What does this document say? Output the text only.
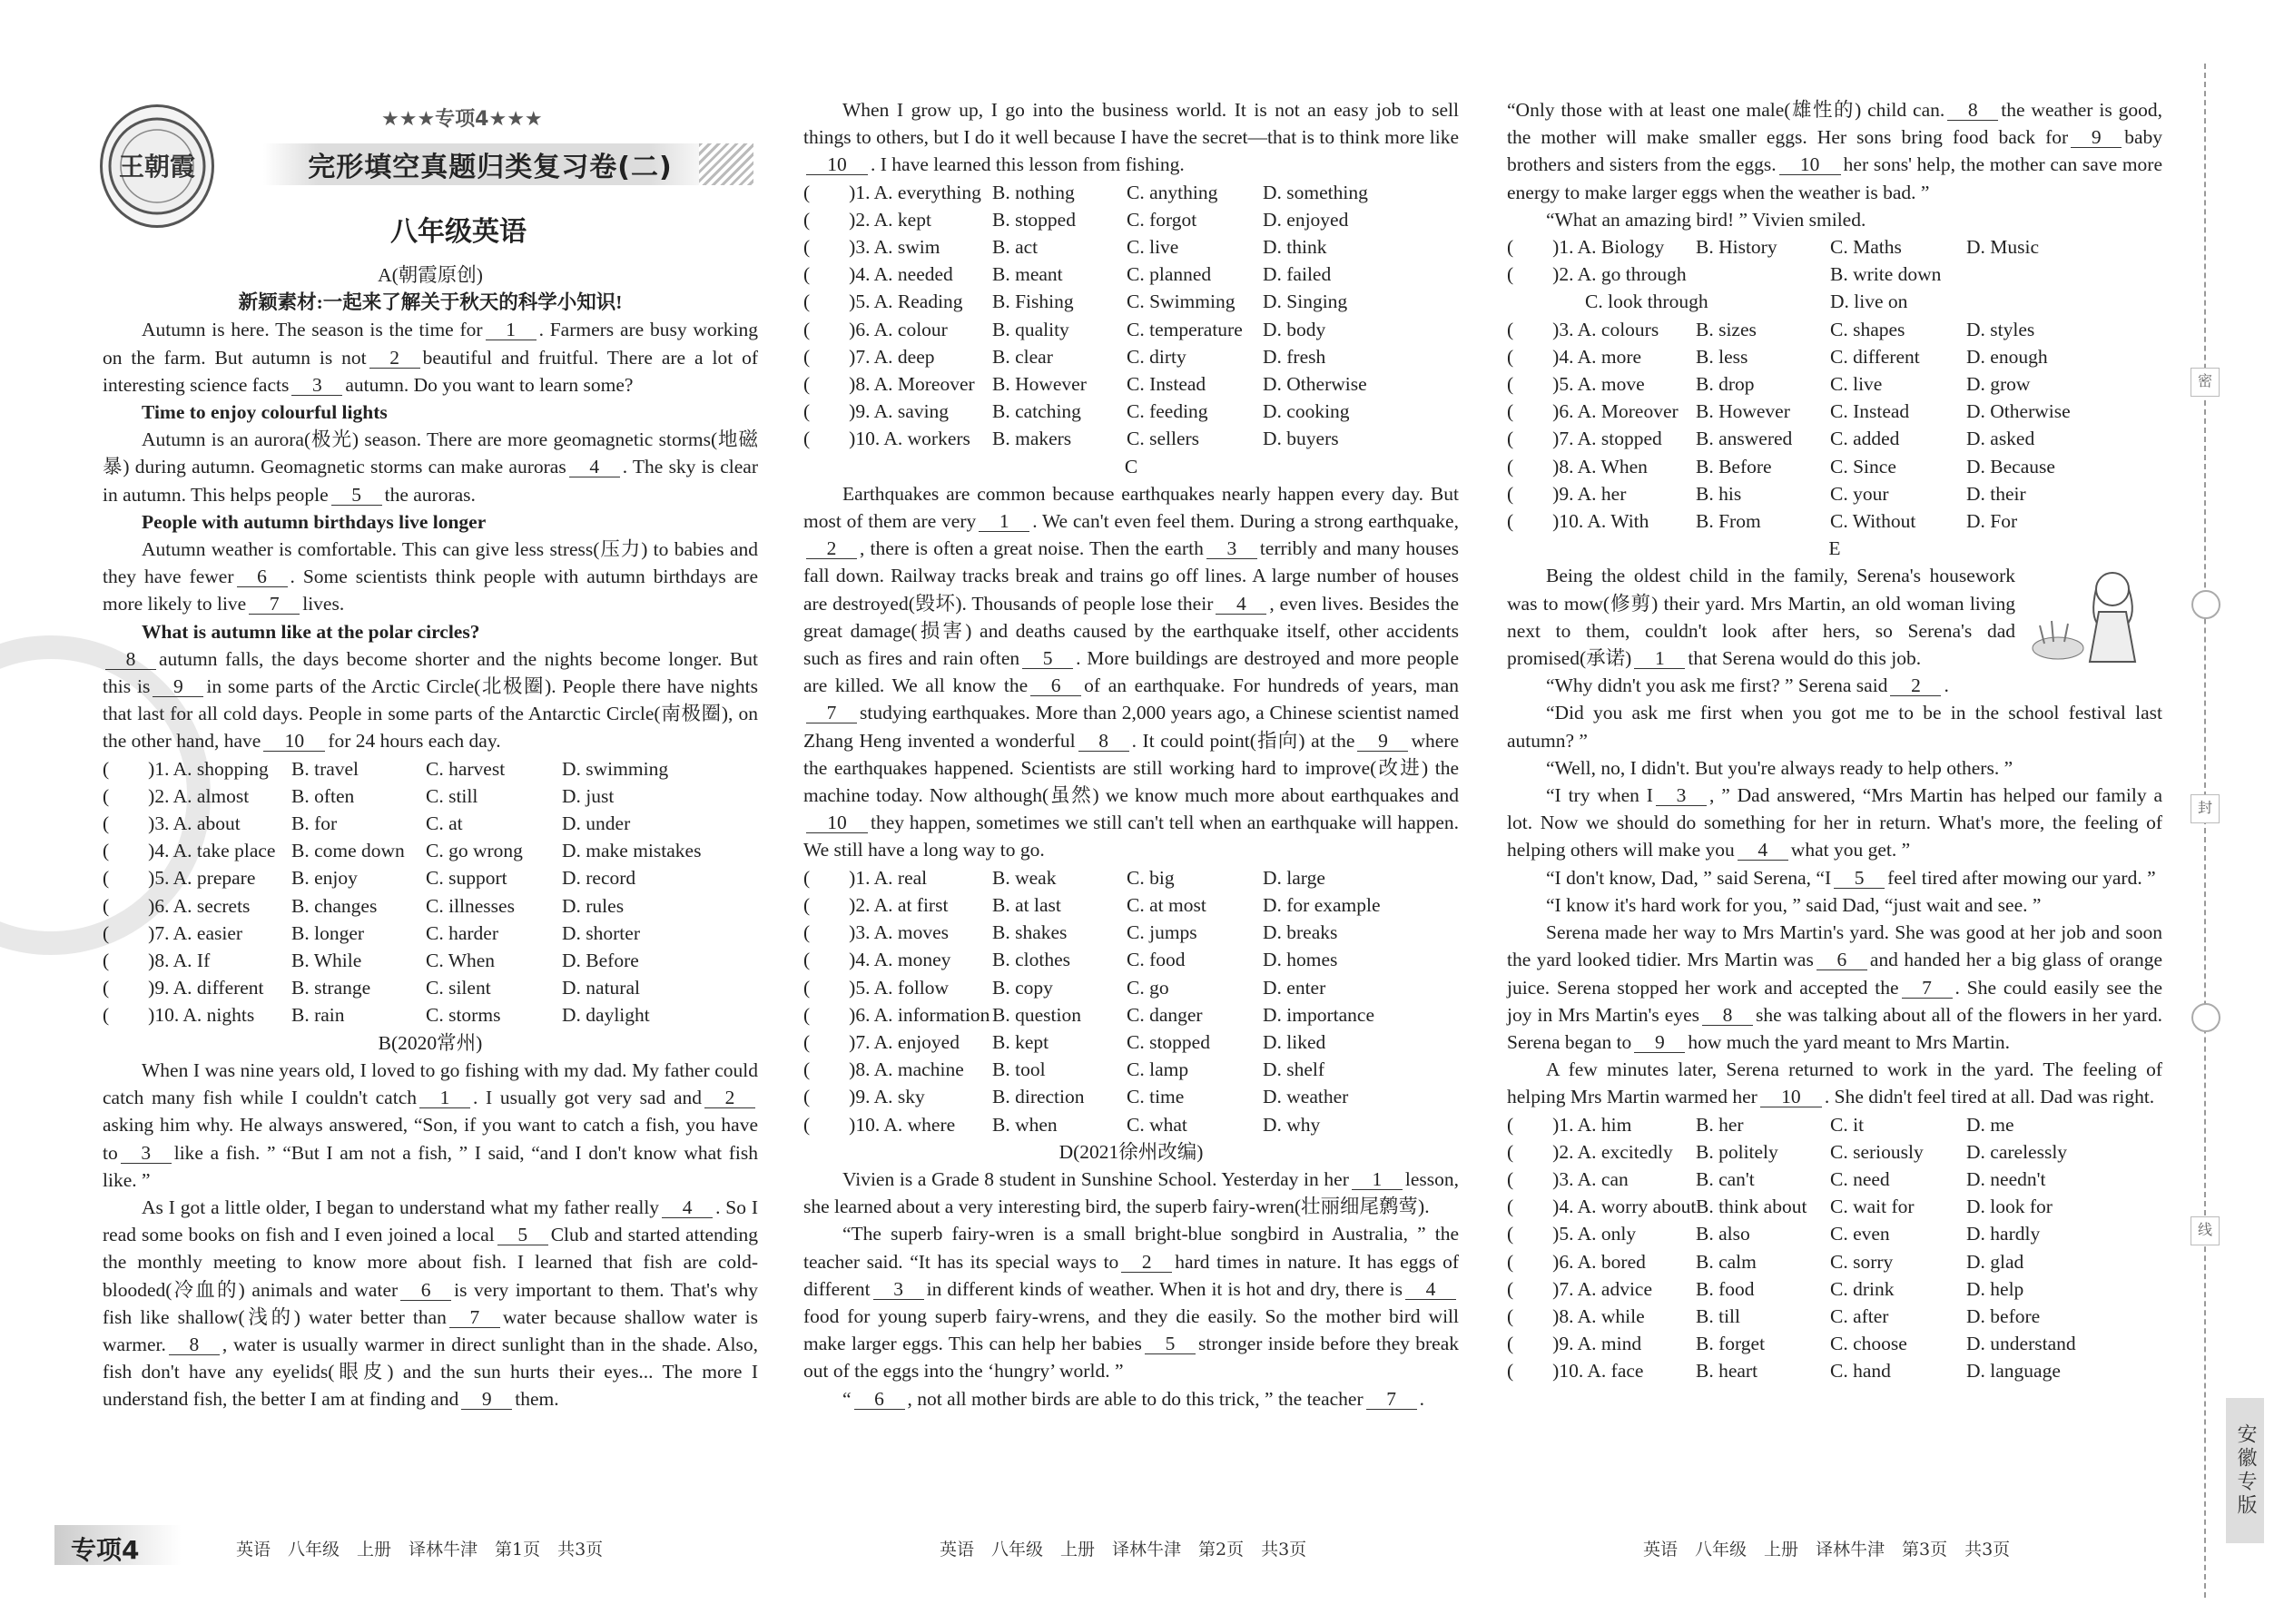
王朝霞
★★★专项4★★★
完形填空真题归类复习卷(二)
八年级英语
A(朝霞原创)
新颖素材:一起来了解关于秋天的科学小知识!

Autumn is here. The season is the time for 1 . Farmers are busy working on the farm. But autumn is not 2 beautiful and fruitful. There are a lot of interesting science facts 3 autumn. Do you want to learn some?

Time to enjoy colourful lights

Autumn is an aurora(极光) season. There are more geomagnetic storms(地磁暴) during autumn. Geomagnetic storms can make auroras 4 . The sky is clear in autumn. This helps people 5 the auroras.

People with autumn birthdays live longer

Autumn weather is comfortable. This can give less stress(压力) to babies and they have fewer 6 . Some scientists think people with autumn birthdays are more likely to live 7 lives.

What is autumn like at the polar circles?

8 autumn falls, the days become shorter and the nights become longer. But this is 9 in some parts of the Arctic Circle(北极圈). People there have nights that last for all cold days. People in some parts of the Antarctic Circle(南极圈), on the other hand, have 10 for 24 hours each day.

(　　)1. A. shopping	B. travel	C. harvest	D. swimming
(　　)2. A. almost	B. often	C. still	D. just
(　　)3. A. about	B. for	C. at	D. under
(　　)4. A. take place B. come down	C. go wrong	D. make mistakes
(　　)5. A. prepare	B. enjoy	C. support	D. record
(　　)6. A. secrets	B. changes	C. illnesses	D. rules
(　　)7. A. easier	B. longer	C. harder	D. shorter
(　　)8. A. If	B. While	C. When	D. Before
(　　)9. A. different	B. strange	C. silent	D. natural
(　　)10. A. nights	B. rain	C. storms	D. daylight
B(2020常州)

When I was nine years old, I loved to go fishing with my dad. My father could catch many fish while I couldn't catch 1 . I usually got very sad and 2asking him why. He always answered, “Son, if you want to catch a fish, you have to 3 like a fish. ” “But I am not a fish, ” I said, “and I don't know what fish like. ”

As I got a little older, I began to understand what my father really 4 . So I read some books on fish and I even joined a local 5 Club and started attending the monthly meeting to know more about fish. I learned that fish are cold-blooded(冷血的) animals and water 6 is very important to them. That's why fish like shallow(浅的) water better than 7 water because shallow water is warmer. 8 , water is usually warmer in direct sunlight than in the shade. Also, fish don't have any eyelids(眼皮) and the sun hurts their eyes... The more I understand fish, the better I am at finding and 9 them.

When I grow up, I go into the business world. It is not an easy job to sell things to others, but I do it well because I have the secret—that is to think more like10 . I have learned this lesson from fishing.

(　　)1. A. everything B. nothing	C. anything	D. something
(　　)2. A. kept	B. stopped	C. forgot	D. enjoyed
(　　)3. A. swim	B. act	C. live	D. think
(　　)4. A. needed	B. meant	C. planned	D. failed
(　　)5. A. Reading	B. Fishing	C. Swimming	D. Singing
(　　)6. A. colour	B. quality	C. temperature	D. body
(　　)7. A. deep	B. clear	C. dirty	D. fresh
(　　)8. A. Moreover B. However	C. Instead	D. Otherwise
(　　)9. A. saving	B. catching	C. feeding	D. cooking
(　　)10. A. workers	B. makers	C. sellers	D. buyers
C

Earthquakes are common because earthquakes nearly happen every day. But most of them are very 1 . We can't even feel them. During a strong earthquake,2 , there is often a great noise. Then the earth 3 terribly and many houses fall down. Railway tracks break and trains go off lines. A large number of houses are destroyed(毁坏). Thousands of people lose their 4 , even lives. Besides the great damage(损害) and deaths caused by the earthquake itself, other accidents such as fires and rain often 5 . More buildings are destroyed and more people are killed. We all know the 6 of an earthquake. For hundreds of years, man7 studying earthquakes. More than 2,000 years ago, a Chinese scientist named Zhang Heng invented a wonderful 8 . It could point(指向) at the 9 where the earthquakes happened. Scientists are still working hard to improve(改进) the machine today. Now although(虽然) we know much more about earthquakes and10 they happen, sometimes we still can't tell when an earthquake will happen. We still have a long way to go.

(　　)1. A. real	B. weak	C. big	D. large
(　　)2. A. at first	B. at last	C. at most	D. for example
(　　)3. A. moves	B. shakes	C. jumps	D. breaks
(　　)4. A. money	B. clothes	C. food	D. homes
(　　)5. A. follow	B. copy	C. go	D. enter
(　　)6. A. information B. question	C. danger	D. importance
(　　)7. A. enjoyed	B. kept	C. stopped	D. liked
(　　)8. A. machine	B. tool	C. lamp	D. shelf
(　　)9. A. sky	B. direction	C. time	D. weather
(　　)10. A. where	B. when	C. what	D. why
D(2021徐州改编)

Vivien is a Grade 8 student in Sunshine School. Yesterday in her 1 lesson, she learned about a very interesting bird, the superb fairy-wren(壮丽细尾鹩莺).

“The superb fairy-wren is a small bright-blue songbird in Australia, ” the teacher said. “It has its special ways to 2 hard times in nature. It has eggs of different 3 in different kinds of weather. When it is hot and dry, there is 4food for young superb fairy-wrens, and they die easily. So the mother bird will make larger eggs. This can help her babies 5 stronger inside before they break out of the eggs into the ‘hungry’ world. ”

“ 6 , not all mother birds are able to do this trick, ” the teacher 7 .

“Only those with at least one male(雄性的) child can. 8 the weather is good, the mother will make smaller eggs. Her sons bring food back for 9 baby brothers and sisters from the eggs. 10 her sons' help, the mother can save more energy to make larger eggs when the weather is bad. ”

“What an amazing bird! ” Vivien smiled.

(　　)1. A. Biology	B. History	C. Maths	D. Music
(　　)2. A. go through	B. write down
　　　　C. look through	D. live on
(　　)3. A. colours	B. sizes	C. shapes	D. styles
(　　)4. A. more	B. less	C. different	D. enough
(　　)5. A. move	B. drop	C. live	D. grow
(　　)6. A. Moreover B. However	C. Instead	D. Otherwise
(　　)7. A. stopped	B. answered	C. added	D. asked
(　　)8. A. When	B. Before	C. Since	D. Because
(　　)9. A. her	B. his	C. your	D. their
(　　)10. A. With	B. From	C. Without	D. For
E

Being the oldest child in the family, Serena's housework was to mow(修剪) their yard. Mrs Martin, an old woman living next to them, couldn't look after hers, so Serena's dad promised(承诺) 1 that Serena would do this job.

“Why didn't you ask me first? ” Serena said 2 .

“Did you ask me first when you got me to be in the school festival last autumn? ”

“Well, no, I didn't. But you're always ready to help others. ”

“I try when I 3 , ” Dad answered, “Mrs Martin has helped our family a lot. Now we should do something for her in return. What's more, the feeling of helping others will make you 4 what you get. ”

“I don't know, Dad, ” said Serena, “I 5 feel tired after mowing our yard. ”

“I know it's hard work for you, ” said Dad, “just wait and see. ”

Serena made her way to Mrs Martin's yard. She was good at her job and soon the yard looked tidier. Mrs Martin was 6 and handed her a big glass of orange juice. Serena stopped her work and accepted the 7 . She could easily see the joy in Mrs Martin's eyes 8 she was talking about all of the flowers in her yard. Serena began to 9 how much the yard meant to Mrs Martin.

A few minutes later, Serena returned to work in the yard. The feeling of helping Mrs Martin warmed her 10 . She didn't feel tired at all. Dad was right.

(　　)1. A. him	B. her	C. it	D. me
(　　)2. A. excitedly	B. politely	C. seriously	D. carelessly
(　　)3. A. can	B. can't	C. need	D. needn't
(　　)4. A. worry about B. think about	C. wait for	D. look for
(　　)5. A. only	B. also	C. even	D. hardly
(　　)6. A. bored	B. calm	C. sorry	D. glad
(　　)7. A. advice	B. food	C. drink	D. help
(　　)8. A. while	B. till	C. after	D. before
(　　)9. A. mind	B. forget	C. choose	D. understand
(　　)10. A. face	B. heart	C. hand	D. language
专项4	英语　八年级　上册　译林牛津　第1页　共3页	英语　八年级　上册　译林牛津　第2页　共3页	英语　八年级　上册　译林牛津　第3页　共3页
密
封
线
安徽专版
